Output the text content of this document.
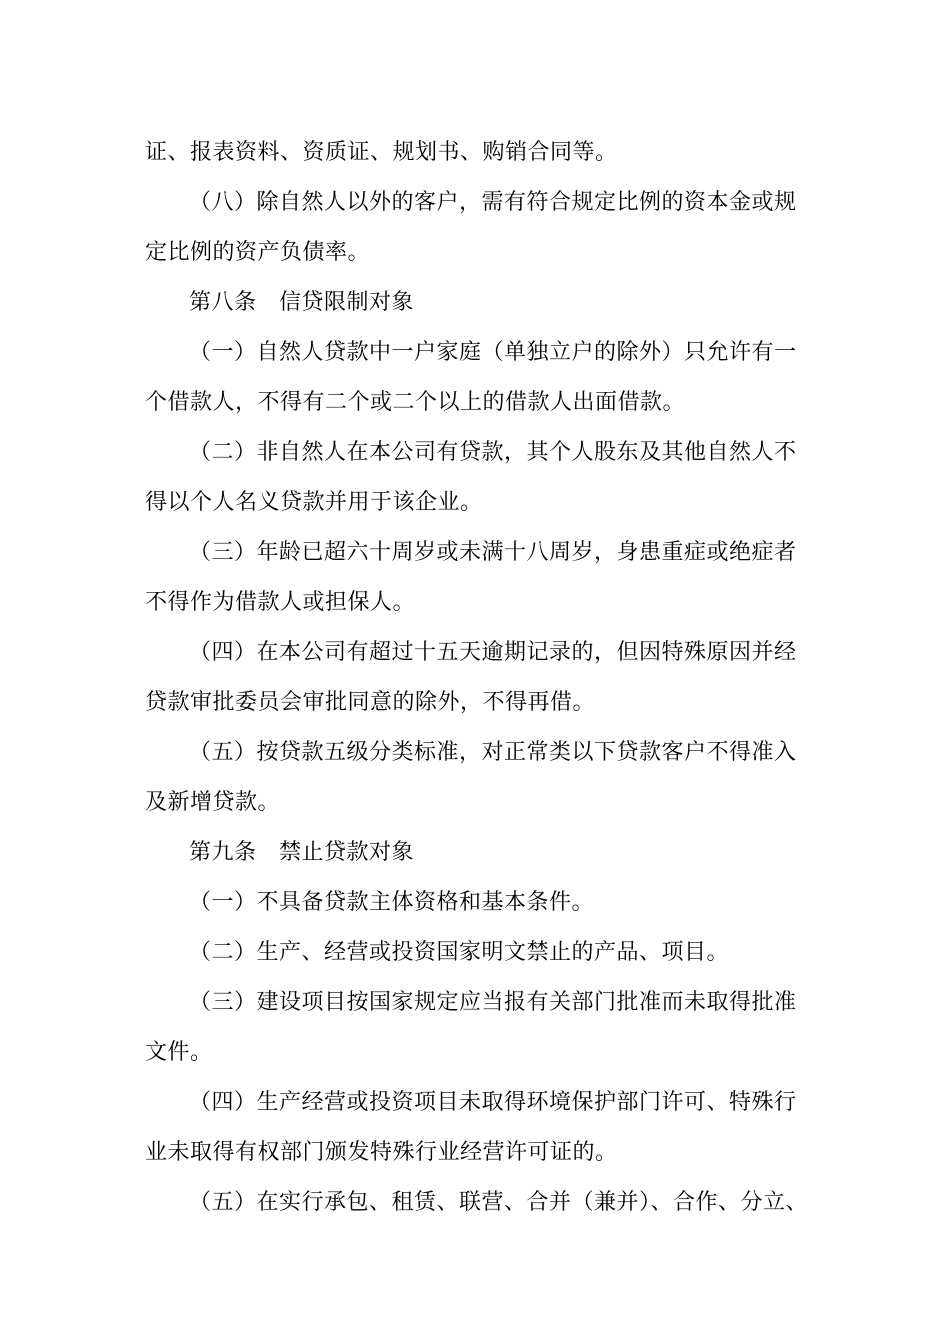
证、报表资料、资质证、规划书、购销合同等。
（八）除自然人以外的客户，需有符合规定比例的资本金或规
定比例的资产负债率。
第八条　信贷限制对象
（一）自然人贷款中一户家庭（单独立户的除外）只允许有一
个借款人，不得有二个或二个以上的借款人出面借款。
（二）非自然人在本公司有贷款，其个人股东及其他自然人不
得以个人名义贷款并用于该企业。
（三）年龄已超六十周岁或未满十八周岁，身患重症或绝症者
不得作为借款人或担保人。
（四）在本公司有超过十五天逾期记录的，但因特殊原因并经
贷款审批委员会审批同意的除外，不得再借。
（五）按贷款五级分类标准，对正常类以下贷款客户不得准入
及新增贷款。
第九条　禁止贷款对象
（一）不具备贷款主体资格和基本条件。
（二）生产、经营或投资国家明文禁止的产品、项目。
（三）建设项目按国家规定应当报有关部门批准而未取得批准
文件。
（四）生产经营或投资项目未取得环境保护部门许可、特殊行
业未取得有权部门颁发特殊行业经营许可证的。
（五）在实行承包、租赁、联营、合并（兼并）、合作、分立、
